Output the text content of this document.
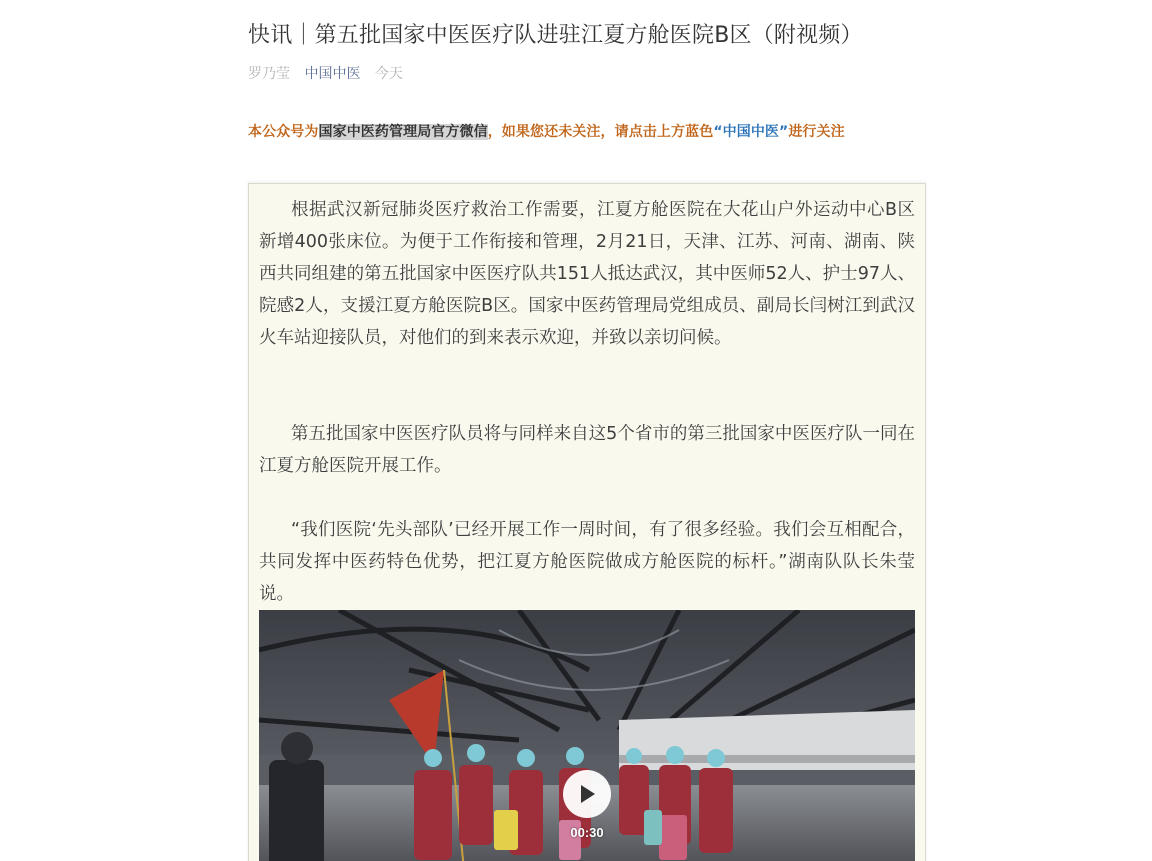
快讯｜第五批国家中医医疗队进驻江夏方舱医院B区（附视频）
罗乃莹 中国中医 今天
本公众号为国家中医药管理局官方微信，如果您还未关注，请点击上方蓝色“中国中医”进行关注

根据武汉新冠肺炎医疗救治工作需要，江夏方舱医院在大花山户外运动中心B区新增400张床位。为便于工作衔接和管理，2月21日，天津、江苏、河南、湖南、陕西共同组建的第五批国家中医医疗队共151人抵达武汉，其中医师52人、护士97人、院感2人，支援江夏方舱医院B区。国家中医药管理局党组成员、副局长闫树江到武汉火车站迎接队员，对他们的到来表示欢迎，并致以亲切问候。

第五批国家中医医疗队员将与同样来自这5个省市的第三批国家中医医疗队一同在江夏方舱医院开展工作。

“我们医院‘先头部队’已经开展工作一周时间，有了很多经验。我们会互相配合，共同发挥中医药特色优势，把江夏方舱医院做成方舱医院的标杆。”湖南队队长朱莹说。

00:30
